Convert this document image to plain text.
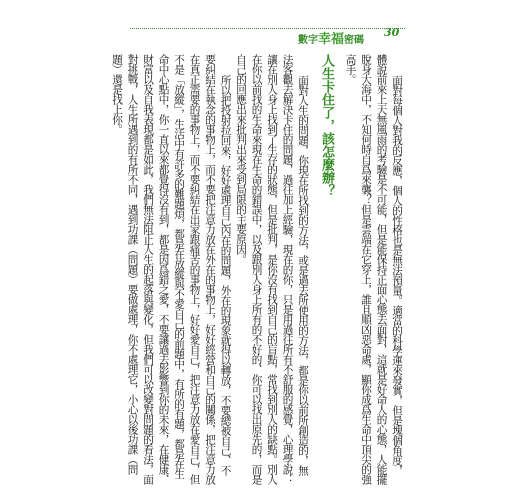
數字幸福密碼
30

面對每個人對我的反應，個人的性格也是無法預量。適當的科學運來發實，但是塊個角度，體說前來上天無風雨的考驗是不可能，但是能保持正面心態去面對，這就是好命人的心態，人能擺脫身大海中，不知何時自爲來襲？但是雲端在它穿上，誰且順凶惡命處，顯你成爲生命中頂尖的強高手。

人生卡住了，該怎麼辦？

面對人生的問題，你現在所找到的方法，或是過去所使用的方法，都是你以前所創造的，無法客觀去解決卡住的問題，過往加上經驗，現在的你，只是用過往所有不舒服的感覺，心理學說：讓在別人身上找到了生存的狀態，但是批判，是你沒有找到自己的盲點，常找到別人的缺點。別人在你以前找的生命來現在生命的錯誤中，以及跟別人身上所有的不好的、你可以找出原先的，而是自己的回應出來批判出來受到局限的主要原因。

所以把投射拉回來，好好處理自己內在的問題，外在的現象就得以轉放，不要總被自己、不要糾結在執念的事物上，而不要把注意力放在外在的事物上，好好經營和自己的關係，把注意力放在真正需要的事物上，而不要糾結在出家跟痛苦的事物上，好好愛自己，把注意力放在愛自己，但不是「放縱」，生活中有許多的難題煩，都是在放縱與不愛自己的前題中，有所的有題，都是在生命中心點中，你一直以來都覺得沒有到，都是因爲錯之愛，不要讓過去影響到你的未來，在健康、財富以及自我表現都是如此，我們無法阻止人生的起落與變化，但我們可以改變對問題的看法，面對挑戰，人生所遇到的有所不同，遇到功課（問題）要做處理，你不處理它，小心以後功課（問題）還是找上你。
